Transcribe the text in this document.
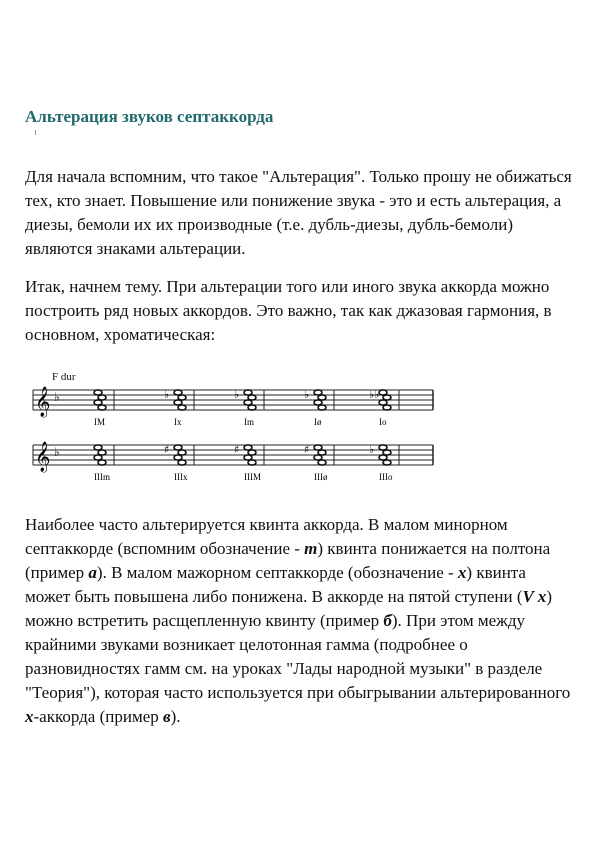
Альтерация звуков септаккорда

Для начала вспомним, что такое "Альтерация". Только прошу не обижаться тех, кто знает. Повышение или понижение звука - это и есть альтерация, а диезы, бемоли их их производные (т.е. дубль-диезы, дубль-бемоли) являются знаками альтерации.

Итак, начнем тему. При альтерации того или иного звука аккорда можно построить ряд новых аккордов. Это важно, так как джазовая гармония, в основном, хроматическая:

F dur
𝄞 ♭
IM
♭
Ix
♭
Im
♭
Iø
♭♭
Io
𝄞 ♭
IIIm
♯
IIIx
♯
IIIM
♯
IIIø
♭
IIIo

Наиболее часто альтерируется квинта аккорда. В малом минорном септаккорде (вспомним обозначение - m) квинта понижается на полтона (пример а). В малом мажорном септаккорде (обозначение - x) квинта может быть повышена либо понижена. В аккорде на пятой ступени (V x) можно встретить расщепленную квинту (пример б). При этом между крайними звуками возникает целотонная гамма (подробнее о разновидностях гамм см. на уроках "Лады народной музыки" в разделе "Теория"), которая часто используется при обыгрывании альтерированного x-аккорда (пример в).
